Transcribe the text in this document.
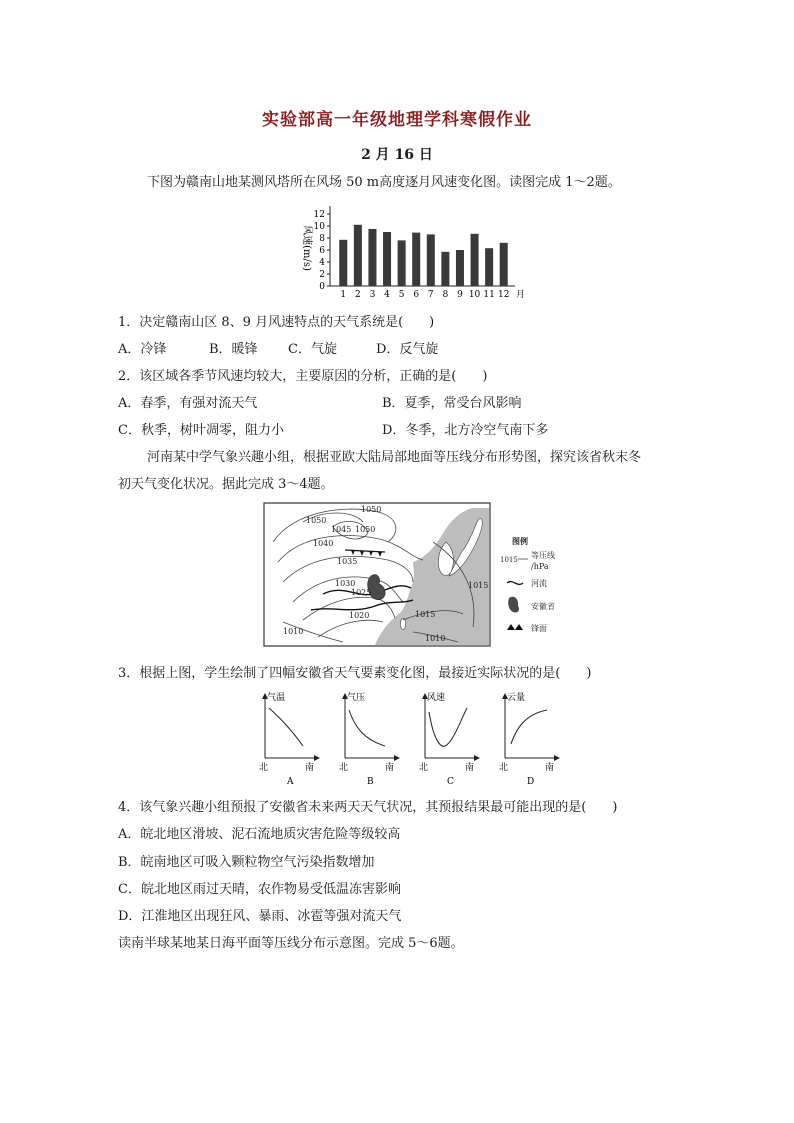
实验部高一年级地理学科寒假作业
2 月 16 日
下图为赣南山地某测风塔所在风场 50 m高度逐月风速变化图。读图完成 1～2题。
风速(m/s)
0
2
4
6
8
10
12
1 2 3 4 5 6 7 8 9 10 11 12 月
1．决定赣南山区 8、9 月风速特点的天气系统是(　　)
A．冷锋	B．暖锋 C．气旋	D．反气旋
2．该区域各季节风速均较大，主要原因的分析，正确的是(　　)
A．春季，有强对流天气	B．夏季，常受台风影响
C．秋季，树叶凋零，阻力小	D．冬季，北方冷空气南下多
河南某中学气象兴趣小组，根据亚欧大陆局部地面等压线分布形势图，探究该省秋末冬
初天气变化状况。据此完成 3～4题。
1050
1050
1045 1050
1040
1035
1030
1025
1020
1015
1015
1010
1010
图例
1015 等压线
/hPa
河流
安徽省
锋面
3．根据上图，学生绘制了四幅安徽省天气要素变化图，最接近实际状况的是(　　)
气温
北	南
A
气压
北	南
B
风速
北	南
C
云量
北	南
D
4．该气象兴趣小组预报了安徽省未来两天天气状况，其预报结果最可能出现的是(　　)
A．皖北地区滑坡、泥石流地质灾害危险等级较高
B．皖南地区可吸入颗粒物空气污染指数增加
C．皖北地区雨过天晴，农作物易受低温冻害影响
D．江淮地区出现狂风、暴雨、冰雹等强对流天气
读南半球某地某日海平面等压线分布示意图。完成 5～6题。
